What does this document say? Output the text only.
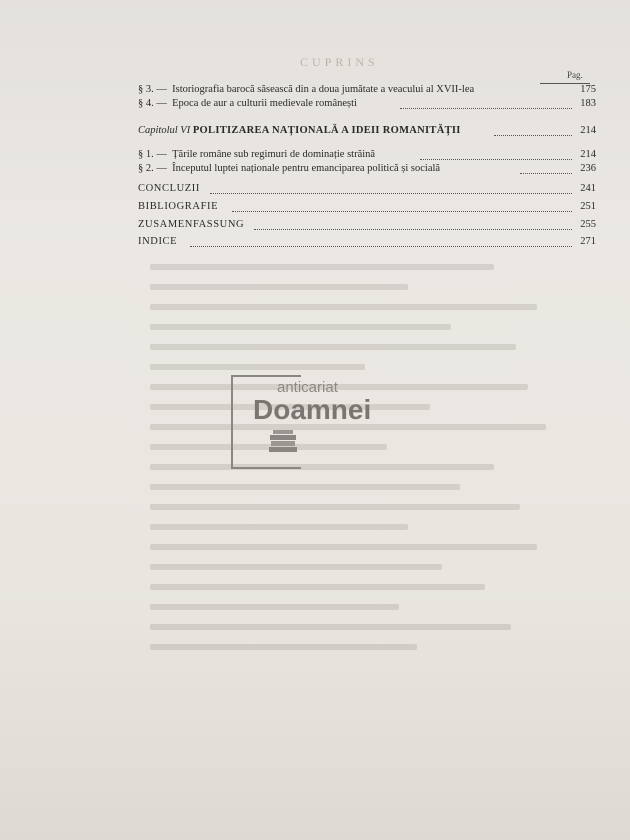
CUPRINS
Pag.
§ 3. — Istoriografia barocă săsească din a doua jumătate a veacului al XVII-lea	175
§ 4. — Epoca de aur a culturii medievale românești	183
Capitolul VI POLITIZAREA NAȚIONALĂ A IDEII ROMANITĂȚII	214
§ 1. — Țările române sub regimuri de dominație străină	214
§ 2. — Începutul luptei naționale pentru emanciparea politică și socială	236
CONCLUZII	241
BIBLIOGRAFIE	251
ZUSAMENFASSUNG	255
INDICE	271
anticariat
Doamnei
